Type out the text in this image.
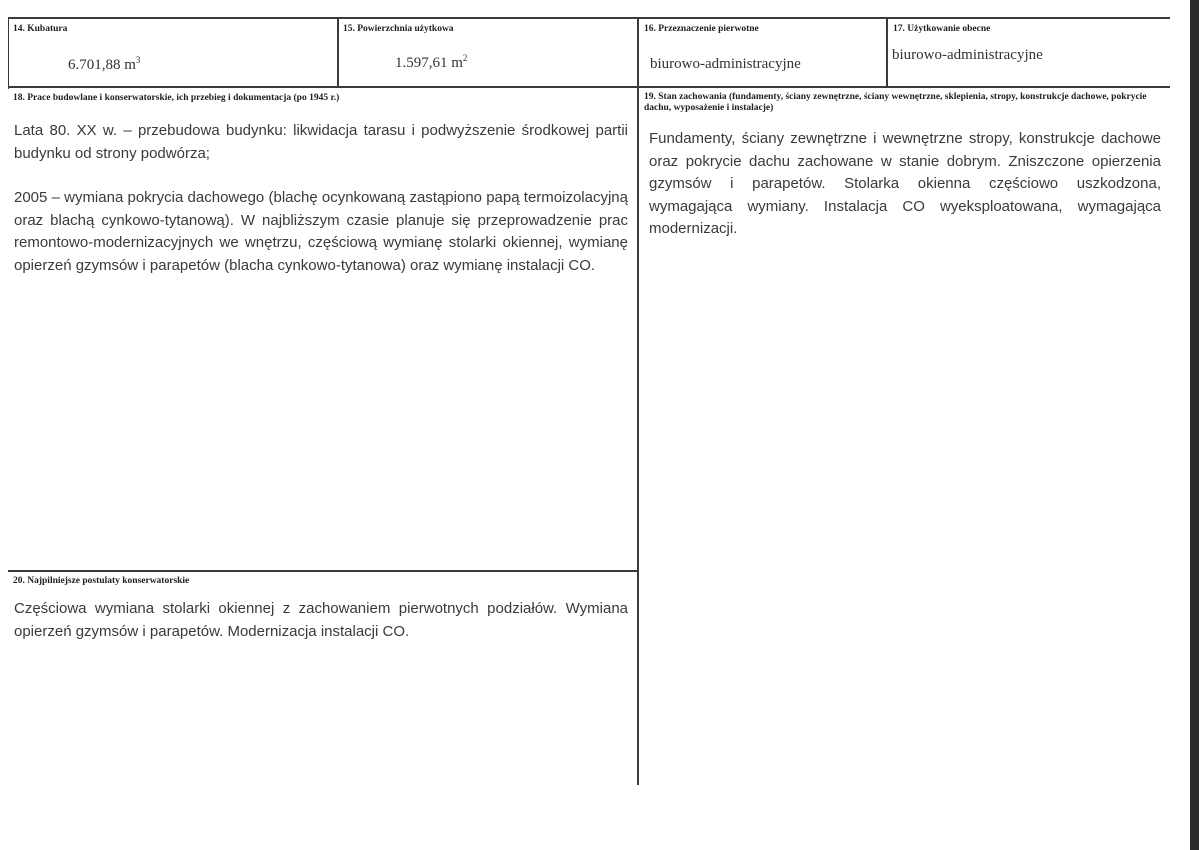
14. Kubatura
6.701,88 $m^3$
15. Powierzchnia użytkowa
1.597,61 $m^2$
16. Przeznaczenie pierwotne
biurowo-administracyjne
17. Użytkowanie obecne
biurowo-administracyjne
18. Prace budowlane i konserwatorskie, ich przebieg i dokumentacja (po 1945 r.)

Lata 80. XX w. – przebudowa budynku: likwidacja tarasu i podwyższenie środkowej partii budynku od strony podwórza;

2005 – wymiana pokrycia dachowego (blachę ocynkowaną zastąpiono papą termoizolacyjną oraz blachą cynkowo-tytanową). W najbliższym czasie planuje się przeprowadzenie prac remontowo-modernizacyjnych we wnętrzu, częściową wymianę stolarki okiennej, wymianę opierzeń gzymsów i parapetów (blacha cynkowo-tytanowa) oraz wymianę instalacji CO.

19. Stan zachowania (fundamenty, ściany zewnętrzne, ściany wewnętrzne, sklepienia, stropy, konstrukcje dachowe, pokrycie dachu, wyposażenie i instalacje)
Fundamenty, ściany zewnętrzne i wewnętrzne stropy, konstrukcje dachowe oraz pokrycie dachu zachowane w stanie dobrym. Zniszczone opierzenia gzymsów i parapetów. Stolarka okienna częściowo uszkodzona, wymagająca wymiany. Instalacja CO wyeksploatowana, wymagająca modernizacji.
20. Najpilniejsze postulaty konserwatorskie
Częściowa wymiana stolarki okiennej z zachowaniem pierwotnych podziałów. Wymiana opierzeń gzymsów i parapetów. Modernizacja instalacji CO.
